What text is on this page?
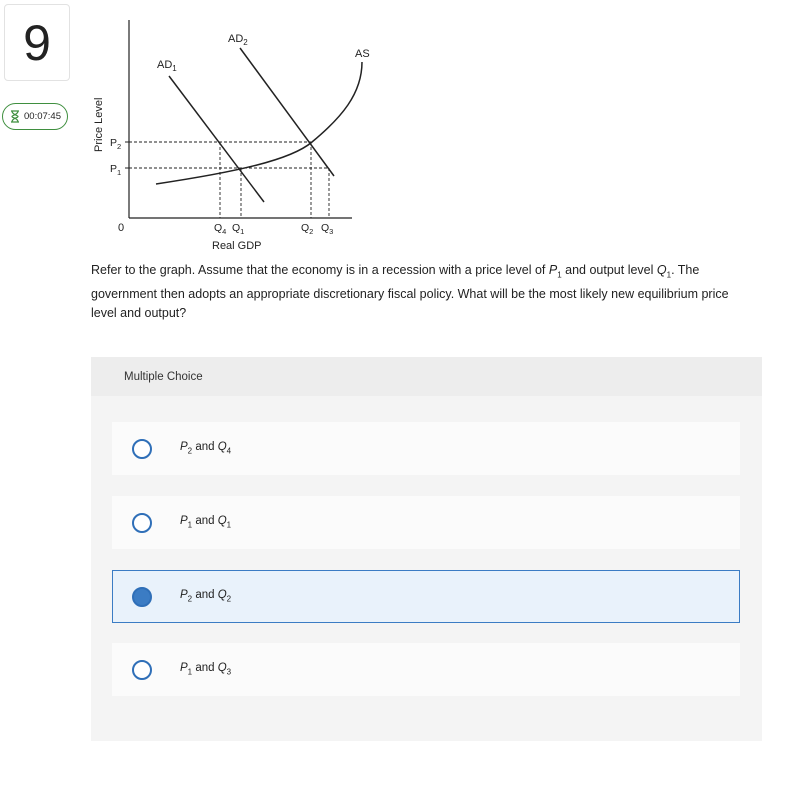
9
00:07:45	Price Level
0
Real GDP
$P_2$
$P_1$
$AD_1$
$AD_2$
AS
$Q_4$ $Q_1$	$Q_2$ $Q_3$

Refer to the graph. Assume that the economy is in a recession with a price level of $P_1$ and output level $Q_1$. The government then adopts an appropriate discretionary fiscal policy. What will be the most likely new equilibrium price level and output?

Multiple Choice
$P_2$ and $Q_4$
$P_1$ and $Q_1$
$P_2$ and $Q_2$
$P_1$ and $Q_3$
